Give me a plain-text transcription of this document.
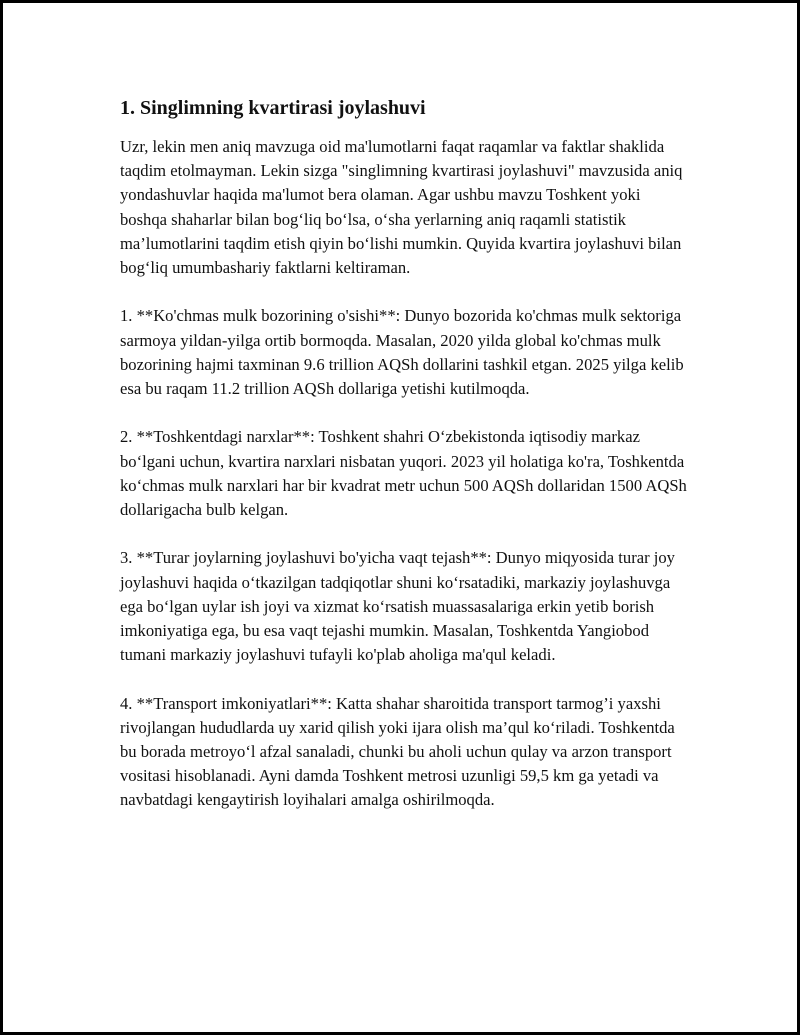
1. Singlimning kvartirasi joylashuvi

Uzr, lekin men aniq mavzuga oid ma'lumotlarni faqat raqamlar va faktlar shaklida taqdim etolmayman. Lekin sizga "singlimning kvartirasi joylashuvi" mavzusida aniq yondashuvlar haqida ma'lumot bera olaman. Agar ushbu mavzu Toshkent yoki boshqa shaharlar bilan bog‘liq bo‘lsa, o‘sha yerlarning aniq raqamli statistik ma’lumotlarini taqdim etish qiyin bo‘lishi mumkin. Quyida kvartira joylashuvi bilan bog‘liq umumbashariy faktlarni keltiraman.

1. **Ko'chmas mulk bozorining o'sishi**: Dunyo bozorida ko'chmas mulk sektoriga sarmoya yildan-yilga ortib bormoqda. Masalan, 2020 yilda global ko'chmas mulk bozorining hajmi taxminan 9.6 trillion AQSh dollarini tashkil etgan. 2025 yilga kelib esa bu raqam 11.2 trillion AQSh dollariga yetishi kutilmoqda.

2. **Toshkentdagi narxlar**: Toshkent shahri O‘zbekistonda iqtisodiy markaz bo‘lgani uchun, kvartira narxlari nisbatan yuqori. 2023 yil holatiga ko'ra, Toshkentda ko‘chmas mulk narxlari har bir kvadrat metr uchun 500 AQSh dollaridan 1500 AQSh dollarigacha bulb kelgan.

3. **Turar joylarning joylashuvi bo'yicha vaqt tejash**: Dunyo miqyosida turar joy joylashuvi haqida o‘tkazilgan tadqiqotlar shuni ko‘rsatadiki, markaziy joylashuvga ega bo‘lgan uylar ish joyi va xizmat ko‘rsatish muassasalariga erkin yetib borish imkoniyatiga ega, bu esa vaqt tejashi mumkin. Masalan, Toshkentda Yangiobod tumani markaziy joylashuvi tufayli ko'plab aholiga ma'qul keladi.

4. **Transport imkoniyatlari**: Katta shahar sharoitida transport tarmog’i yaxshi rivojlangan hududlarda uy xarid qilish yoki ijara olish ma’qul ko‘riladi. Toshkentda bu borada metroyo‘l afzal sanaladi, chunki bu aholi uchun qulay va arzon transport vositasi hisoblanadi. Ayni damda Toshkent metrosi uzunligi 59,5 km ga yetadi va navbatdagi kengaytirish loyihalari amalga oshirilmoqda.
